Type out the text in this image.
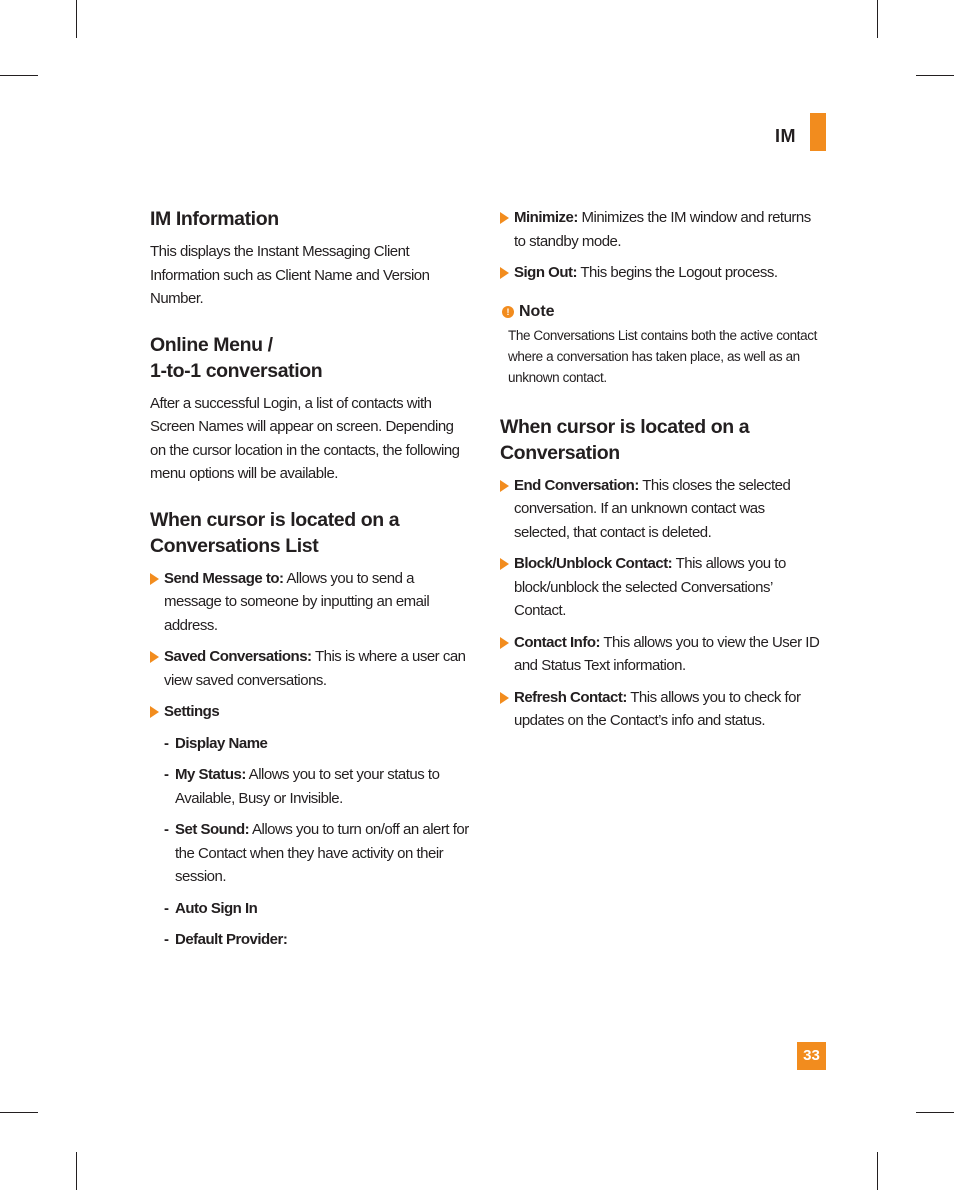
IM
33
IM Information

This displays the Instant Messaging Client Information such as Client Name and Version Number.

Online Menu /
1-to-1 conversation

After a successful Login, a list of contacts with Screen Names will appear on screen. Depending on the cursor location in the contacts, the following menu options will be available.

When cursor is located on a
Conversations List
Send Message to: Allows you to send a message to someone by inputting an email address.
Saved Conversations: This is where a user can view saved conversations.
Settings
- Display Name
- My Status: Allows you to set your status to Available, Busy or Invisible.
- Set Sound: Allows you to turn on/off an alert for the Contact when they have activity on their session.
- Auto Sign In
- Default Provider:
Minimize: Minimizes the IM window and returns to standby mode.
Sign Out: This begins the Logout process.
! Note

The Conversations List contains both the active contact where a conversation has taken place, as well as an unknown contact.

When cursor is located on a
Conversation
End Conversation: This closes the selected conversation. If an unknown contact was selected, that contact is deleted.
Block/Unblock Contact: This allows you to block/unblock the selected Conversations’ Contact.
Contact Info: This allows you to view the User ID and Status Text information.
Refresh Contact: This allows you to check for updates on the Contact’s info and status.
